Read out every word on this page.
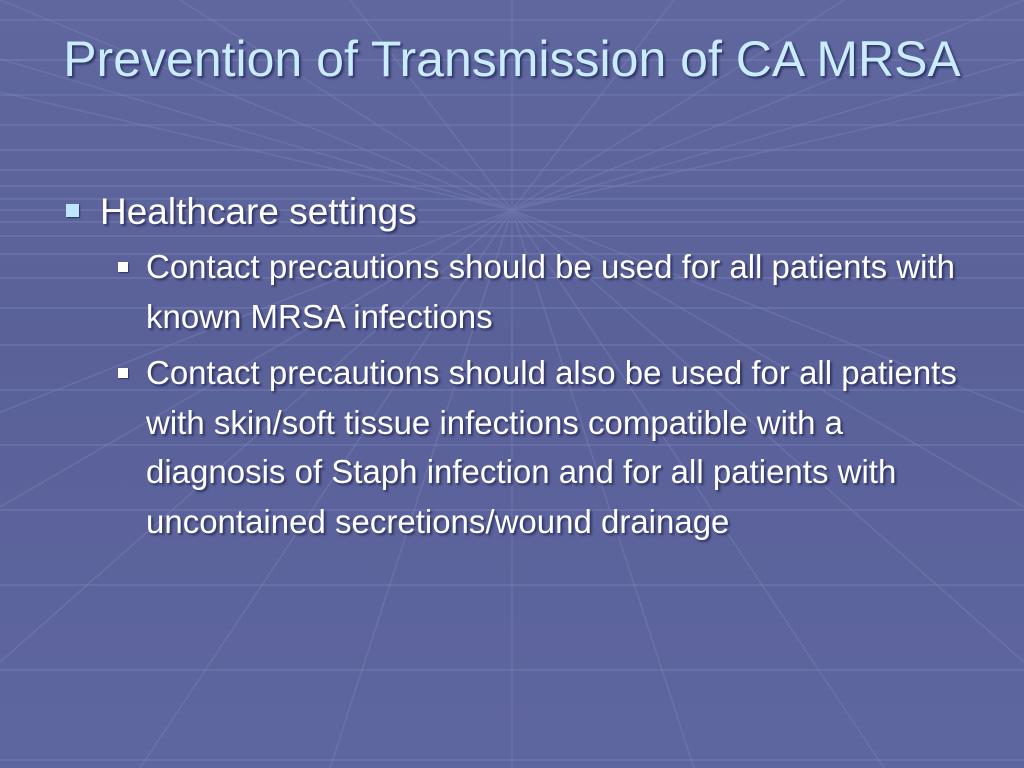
Prevention of Transmission of CA MRSA
Healthcare settings
Contact precautions should be used for all patients with known MRSA infections
Contact precautions should also be used for all patients with skin/soft tissue infections compatible with a diagnosis of Staph infection and for all patients with uncontained secretions/wound drainage
